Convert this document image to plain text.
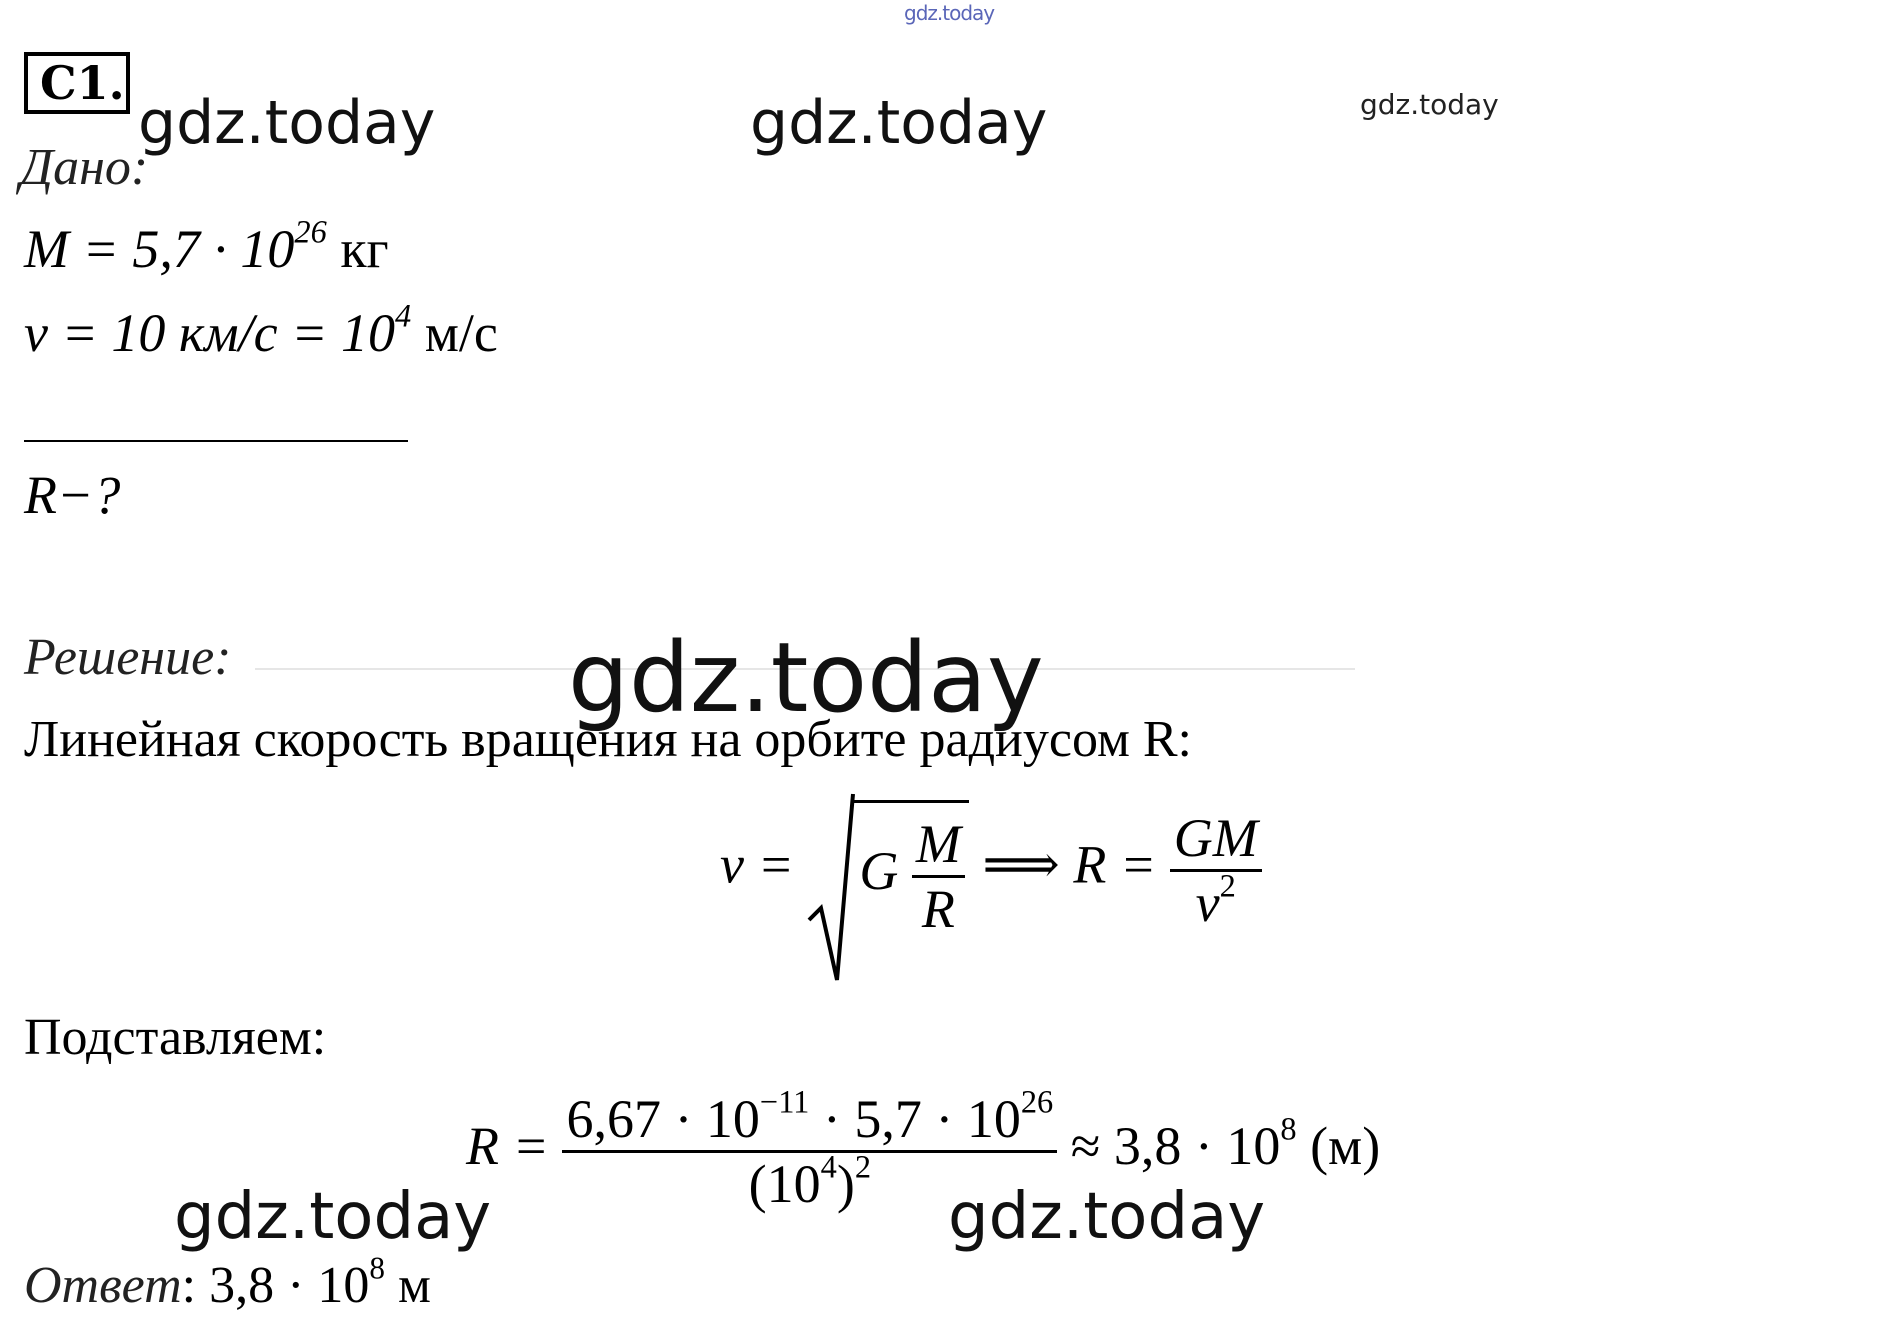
gdz.today
gdz.today	gdz.today	gdz.today
C1.
Дано:
$M = 5,7 \cdot 10^{26}$ кг
v = 10 $км/с = 10^4$ м/с
R−?
Решение:	gdz.today
Линейная скорость вращения на орбите радиусом R:
v = G $\frac{M}{R}$ ⟹ $R = \frac{GM}{v^2}$
Подставляем:
$R = \frac{6,67 \cdot 10^{-11} \cdot 5,7 \cdot 10^{26}}{(10^4)^2} \approx 3,8 \cdot 10^8$ (м)
gdz.today	gdz.today
Ответ: $3,8 \cdot 10^8$ м
